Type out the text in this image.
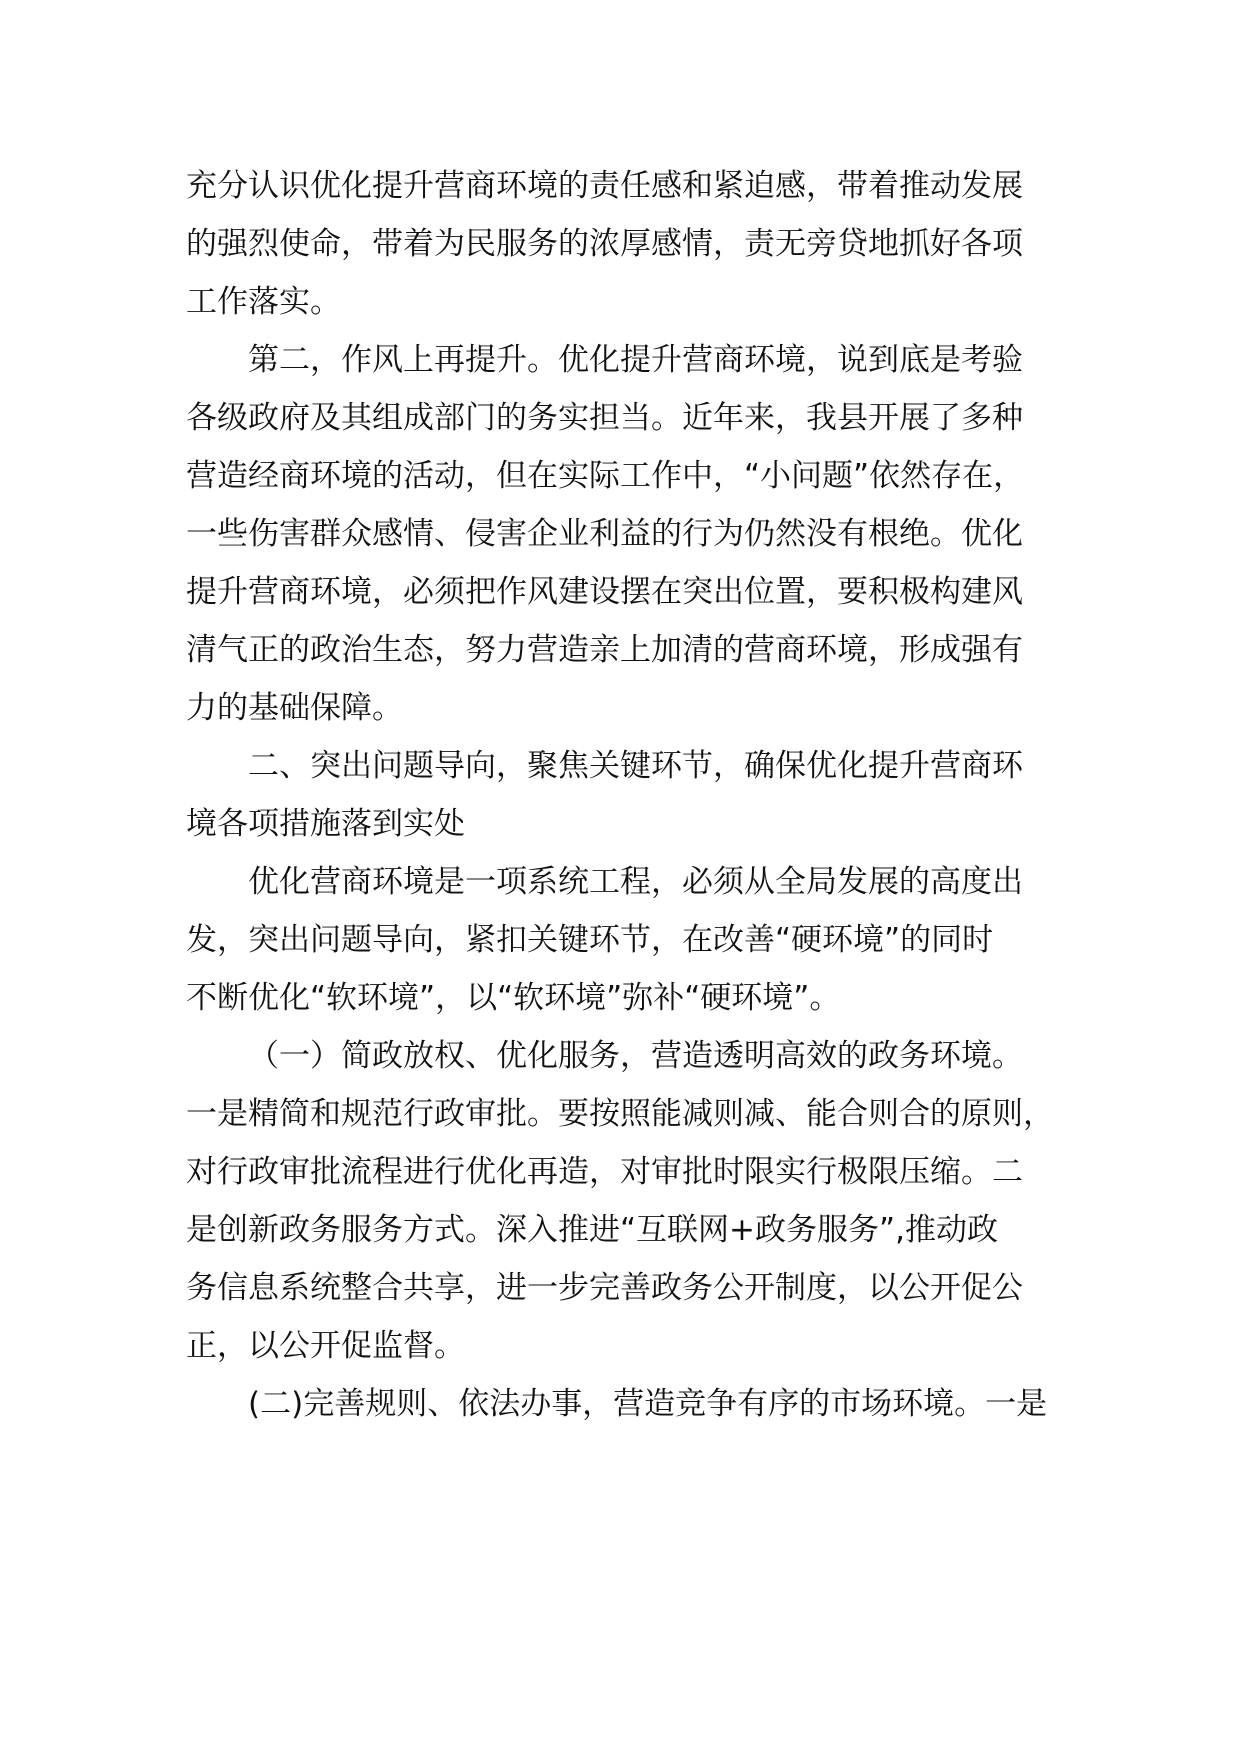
充分认识优化提升营商环境的责任感和紧迫感，带着推动发展
的强烈使命，带着为民服务的浓厚感情，责无旁贷地抓好各项
工作落实。
第二，作风上再提升。优化提升营商环境，说到底是考验
各级政府及其组成部门的务实担当。近年来，我县开展了多种
营造经商环境的活动，但在实际工作中，“小问题”依然存在，
一些伤害群众感情、侵害企业利益的行为仍然没有根绝。优化
提升营商环境，必须把作风建设摆在突出位置，要积极构建风
清气正的政治生态，努力营造亲上加清的营商环境，形成强有
力的基础保障。
二、突出问题导向，聚焦关键环节，确保优化提升营商环
境各项措施落到实处
优化营商环境是一项系统工程，必须从全局发展的高度出
发，突出问题导向，紧扣关键环节，在改善“硬环境”的同时
不断优化“软环境”，以“软环境”弥补“硬环境”。
（一）简政放权、优化服务，营造透明高效的政务环境。
一是精简和规范行政审批。要按照能减则减、能合则合的原则，
对行政审批流程进行优化再造，对审批时限实行极限压缩。二
是创新政务服务方式。深入推进“互联网+政务服务”,推动政
务信息系统整合共享，进一步完善政务公开制度，以公开促公
正，以公开促监督。
(二)完善规则、依法办事，营造竞争有序的市场环境。一是
